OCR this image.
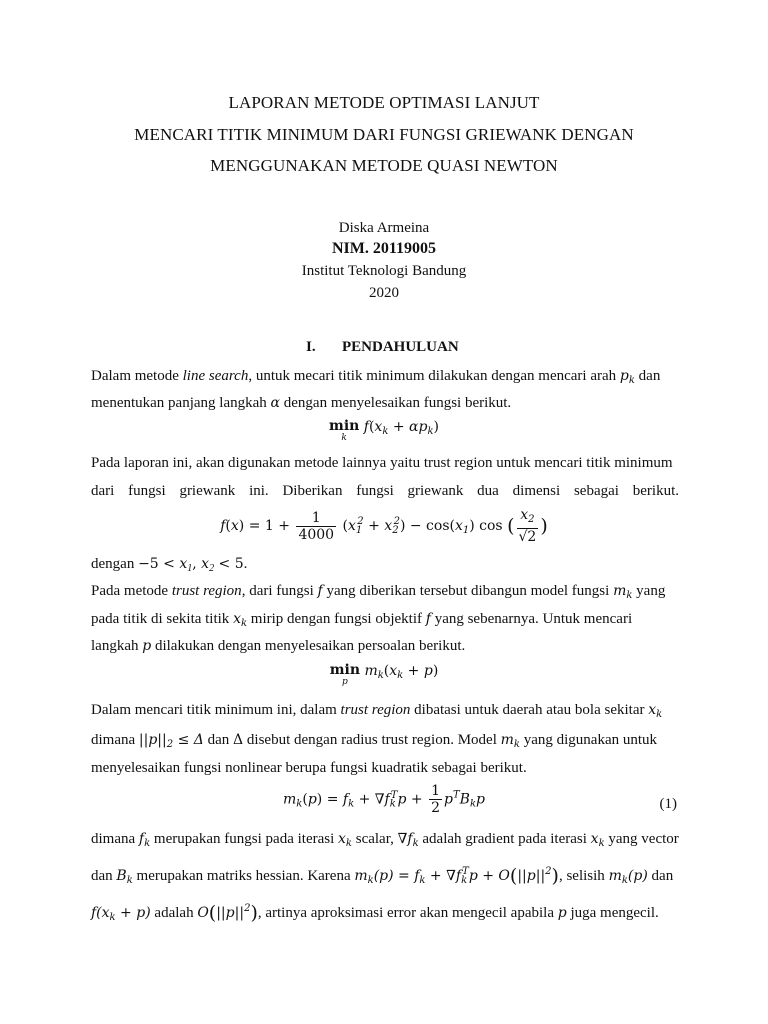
LAPORAN METODE OPTIMASI LANJUT
MENCARI TITIK MINIMUM DARI FUNGSI GRIEWANK DENGAN
MENGGUNAKAN METODE QUASI NEWTON
Diska Armeina
NIM. 20119005
Institut Teknologi Bandung
2020
I. PENDAHULUAN
Dalam metode line search, untuk mecari titik minimum dilakukan dengan mencari arah $p_k$ dan
menentukan panjang langkah α dengan menyelesaikan fungsi berikut.
min
k
$f(x_k + \alpha p_k)$
Pada laporan ini, akan digunakan metode lainnya yaitu trust region untuk mencari titik minimum
dari fungsi griewank ini. Diberikan fungsi griewank dua dimensi sebagai berikut.
$f(x) = 1 + \frac{1}{4000} (x_1^2 + x_2^2) - \cos(x_1)$ cos ( $\frac{x_2}{√2}$ )
dengan $-5 < x_1$, $x_2 < 5$.
Pada metode trust region, dari fungsi f yang diberikan tersebut dibangun model fungsi $m_k$ yang
pada titik di sekita titik $x_k$ mirip dengan fungsi objektif f yang sebenarnya. Untuk mencari
langkah p dilakukan dengan menyelesaikan persoalan berikut.
min
p
$m_k(x_k + p)$
Dalam mencari titik minimum ini, dalam trust region dibatasi untuk daerah atau bola sekitar $x_k$
dimana $||p||_2 \le \Delta$ dan Δ disebut dengan radius trust region. Model $m_k$ yang digunakan untuk
menyelesaikan fungsi nonlinear berupa fungsi kuadratik sebagai berikut.
$m_k(p) = f_k + \nabla f_k^Tp + \frac{1}{2} p^TB_kp$	(1)
dimana $f_k$ merupakan fungsi pada iterasi $x_k$ scalar, $\nabla f_k$ adalah gradient pada iterasi $x_k$ yang vector
dan $B_k$ merupakan matriks hessian. Karena $m_k(p) = f_k + \nabla f_k^Tp + O(||p||^2)$, selisih $m_k(p)$ dan
$f(x_k + p)$ adalah $O(||p||^2)$, artinya aproksimasi error akan mengecil apabila p juga mengecil.
